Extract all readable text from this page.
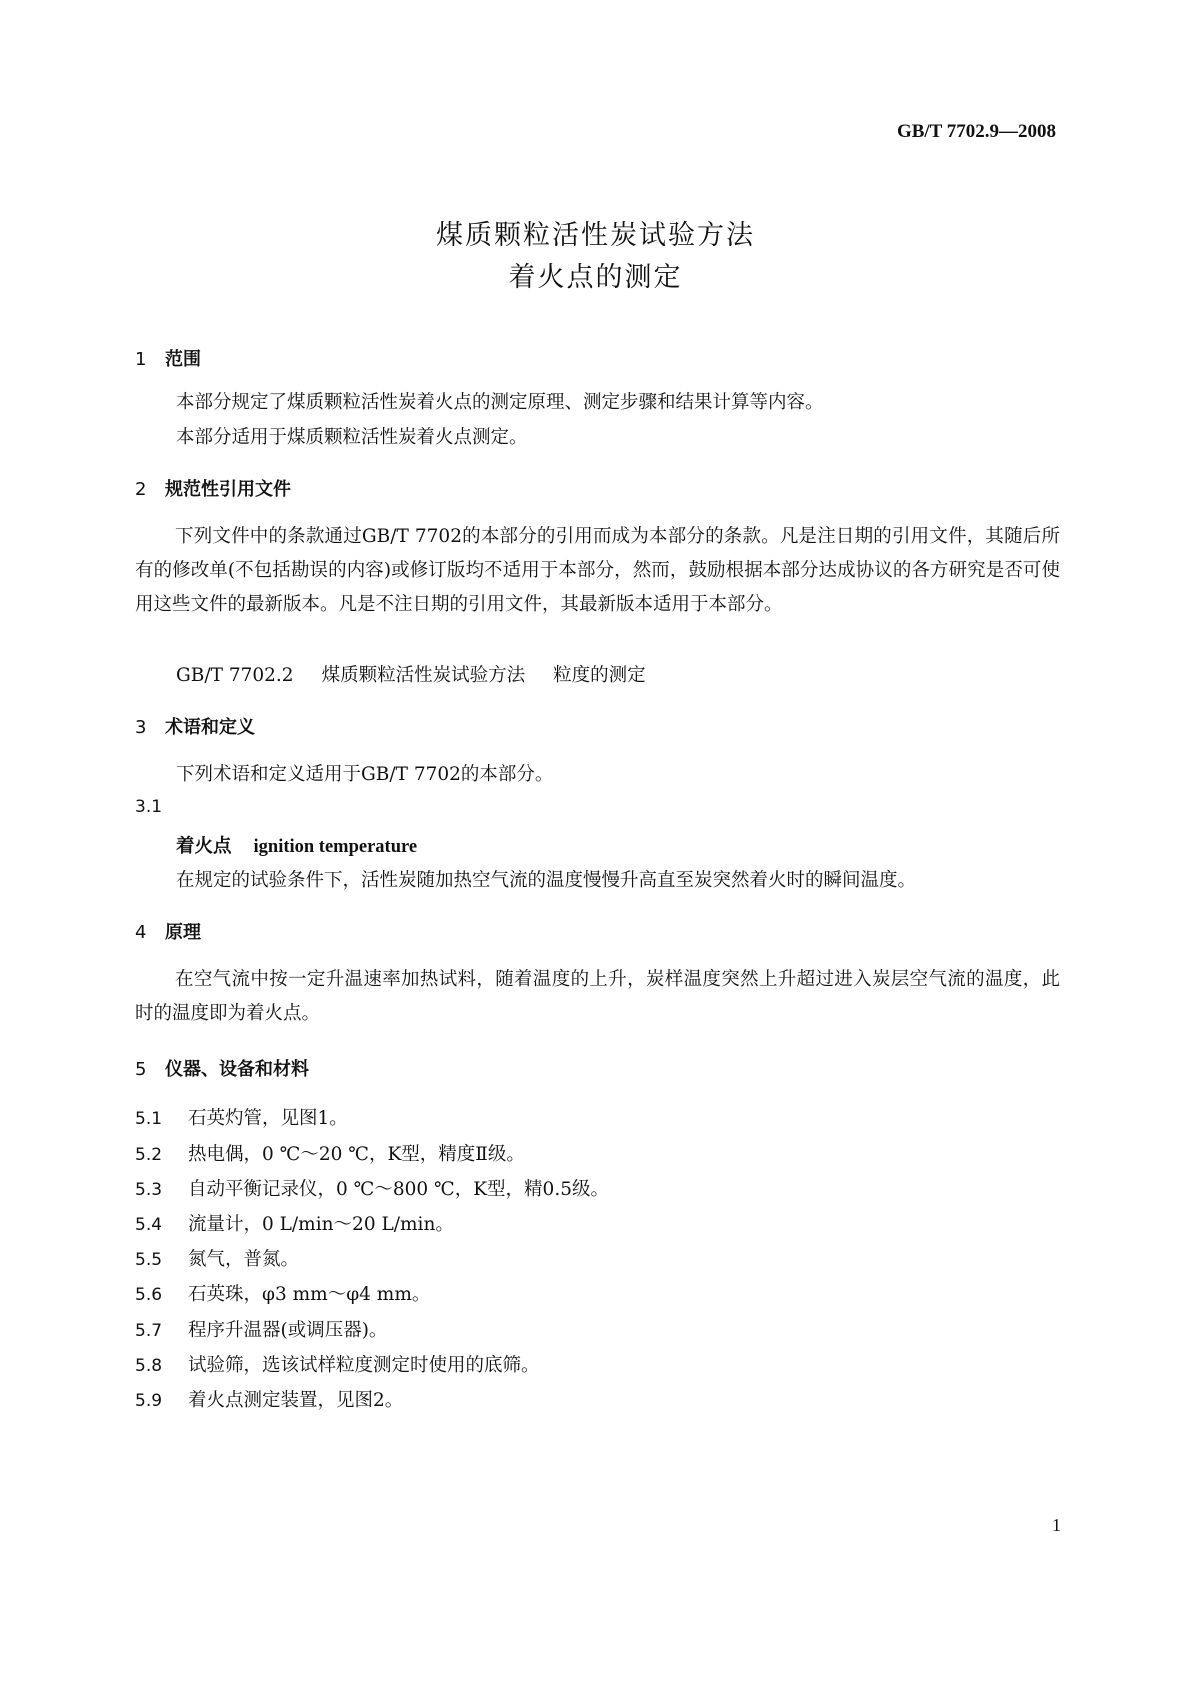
GB/T 7702.9—2008
煤质颗粒活性炭试验方法
着火点的测定
1 范围
本部分规定了煤质颗粒活性炭着火点的测定原理、测定步骤和结果计算等内容。
本部分适用于煤质颗粒活性炭着火点测定。
2 规范性引用文件
下列文件中的条款通过GB/T 7702的本部分的引用而成为本部分的条款。凡是注日期的引用文件，其随后所有的修改单(不包括勘误的内容)或修订版均不适用于本部分，然而，鼓励根据本部分达成协议的各方研究是否可使用这些文件的最新版本。凡是不注日期的引用文件，其最新版本适用于本部分。
GB/T 7702.2 煤质颗粒活性炭试验方法 粒度的测定
3 术语和定义
下列术语和定义适用于GB/T 7702的本部分。
3.1
着火点 ignition temperature
在规定的试验条件下，活性炭随加热空气流的温度慢慢升高直至炭突然着火时的瞬间温度。
4 原理
在空气流中按一定升温速率加热试料，随着温度的上升，炭样温度突然上升超过进入炭层空气流的温度，此时的温度即为着火点。
5 仪器、设备和材料
5.1 石英灼管，见图1。
5.2 热电偶，0 ℃～20 ℃，K型，精度Ⅱ级。
5.3 自动平衡记录仪，0 ℃～800 ℃，K型，精0.5级。
5.4 流量计，0 L/min～20 L/min。
5.5 氮气，普氮。
5.6 石英珠，φ3 mm～φ4 mm。
5.7 程序升温器(或调压器)。
5.8 试验筛，选该试样粒度测定时使用的底筛。
5.9 着火点测定装置，见图2。
1
